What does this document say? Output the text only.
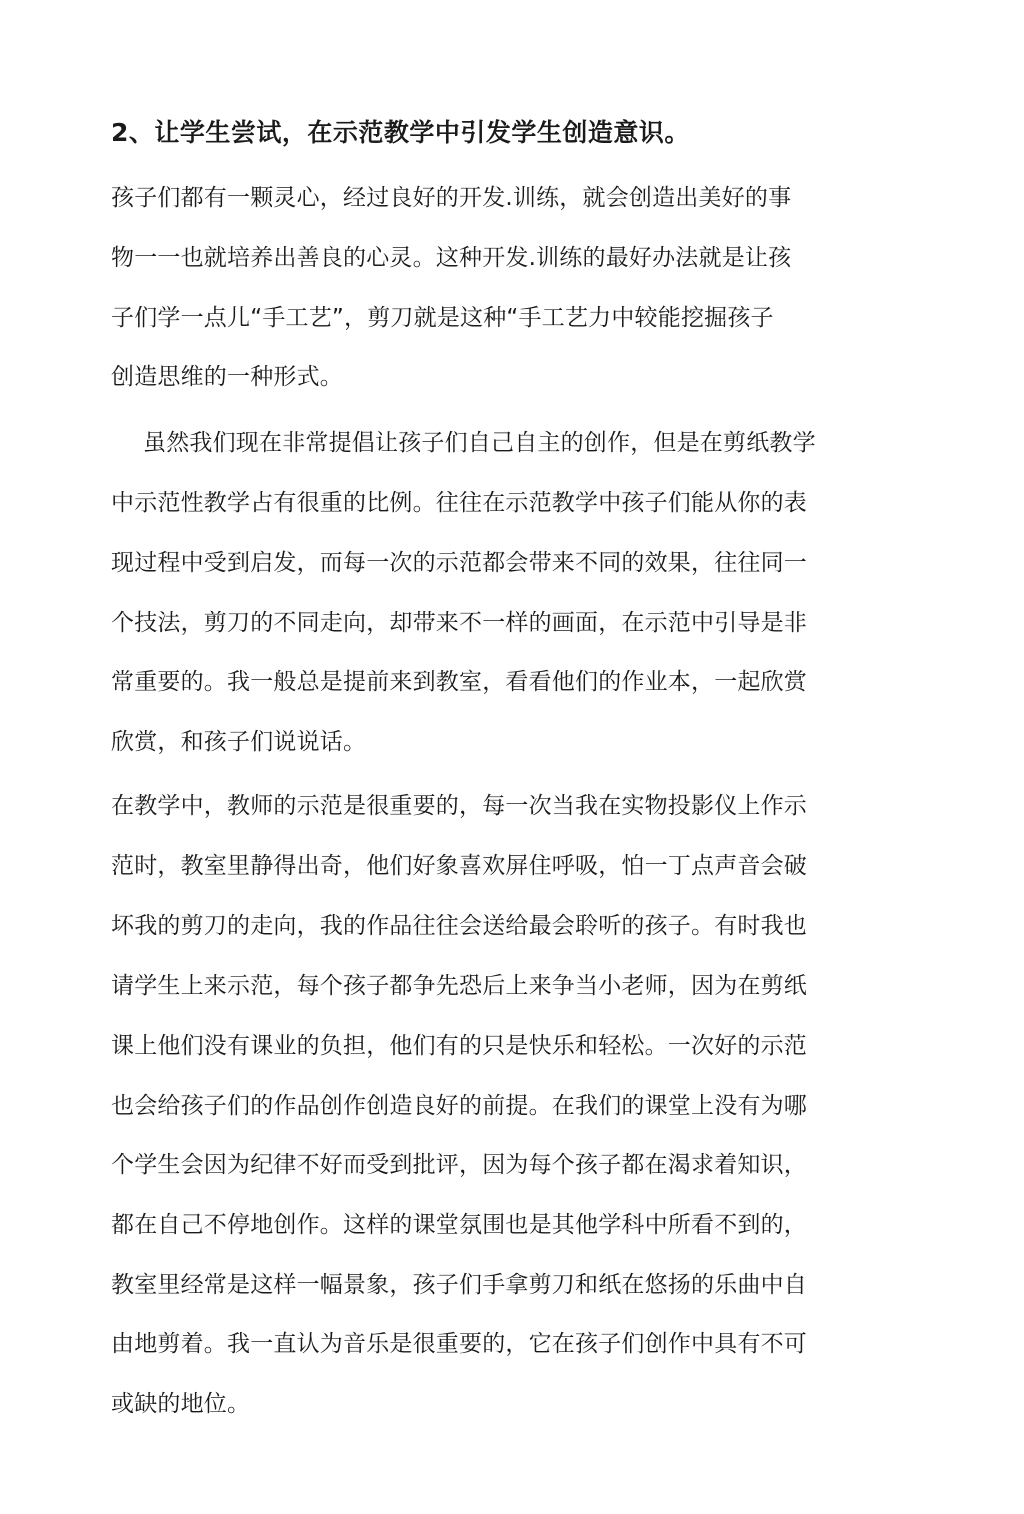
2、让学生尝试，在示范教学中引发学生创造意识。
孩子们都有一颗灵心，经过良好的开发.训练，就会创造出美好的事
物一一也就培养出善良的心灵。这种开发.训练的最好办法就是让孩
子们学一点儿“手工艺”，剪刀就是这种“手工艺力中较能挖掘孩子
创造思维的一种形式。
虽然我们现在非常提倡让孩子们自己自主的创作，但是在剪纸教学
中示范性教学占有很重的比例。往往在示范教学中孩子们能从你的表
现过程中受到启发，而每一次的示范都会带来不同的效果，往往同一
个技法，剪刀的不同走向，却带来不一样的画面，在示范中引导是非
常重要的。我一般总是提前来到教室，看看他们的作业本，一起欣赏
欣赏，和孩子们说说话。
在教学中，教师的示范是很重要的，每一次当我在实物投影仪上作示
范时，教室里静得出奇，他们好象喜欢屏住呼吸，怕一丁点声音会破
坏我的剪刀的走向，我的作品往往会送给最会聆听的孩子。有时我也
请学生上来示范，每个孩子都争先恐后上来争当小老师，因为在剪纸
课上他们没有课业的负担，他们有的只是快乐和轻松。一次好的示范
也会给孩子们的作品创作创造良好的前提。在我们的课堂上没有为哪
个学生会因为纪律不好而受到批评，因为每个孩子都在渴求着知识，
都在自己不停地创作。这样的课堂氛围也是其他学科中所看不到的，
教室里经常是这样一幅景象，孩子们手拿剪刀和纸在悠扬的乐曲中自
由地剪着。我一直认为音乐是很重要的，它在孩子们创作中具有不可
或缺的地位。
